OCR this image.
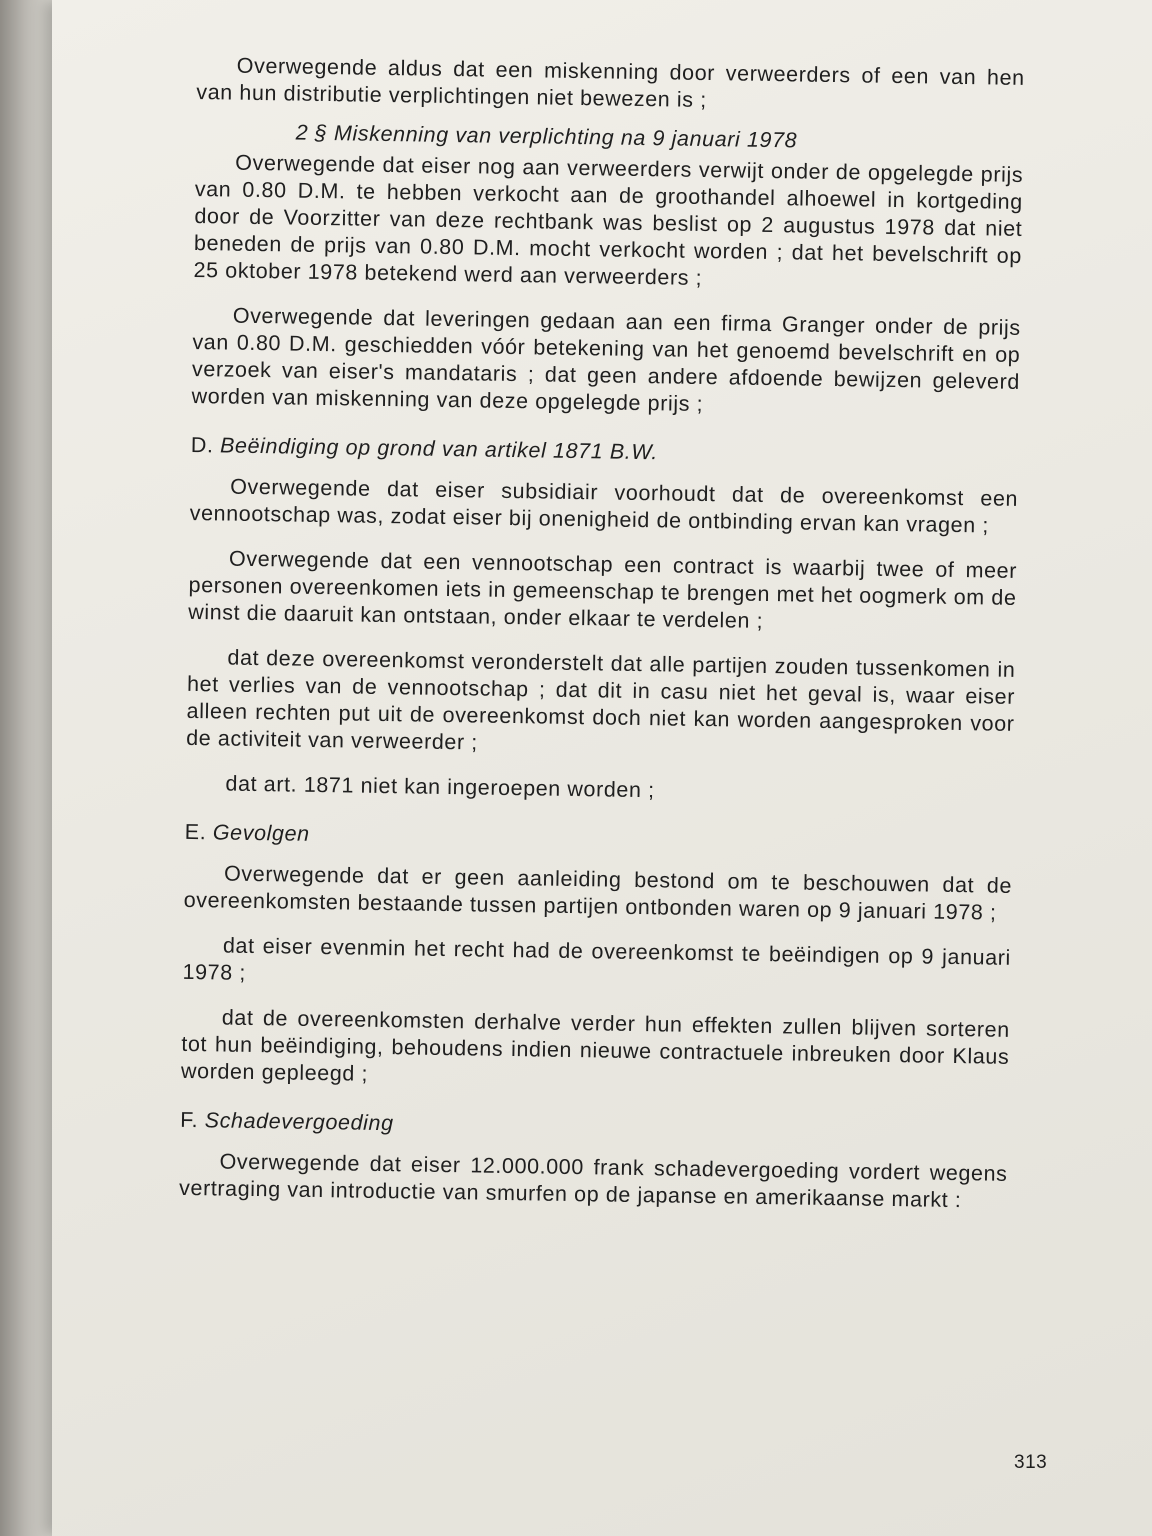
Overwegende aldus dat een miskenning door verweerders of een van hen van hun distributie verplichtingen niet bewezen is ;

2 § Miskenning van verplichting na 9 januari 1978

Overwegende dat eiser nog aan verweerders verwijt onder de opgelegde prijs van 0.80 D.M. te hebben verkocht aan de groothandel alhoewel in kortgeding door de Voorzitter van deze rechtbank was beslist op 2 augustus 1978 dat niet beneden de prijs van 0.80 D.M. mocht verkocht worden ; dat het bevelschrift op 25 oktober 1978 betekend werd aan verweerders ;

Overwegende dat leveringen gedaan aan een firma Granger onder de prijs van 0.80 D.M. geschiedden vóór betekening van het genoemd bevelschrift en op verzoek van eiser's mandataris ; dat geen andere afdoende bewijzen geleverd worden van miskenning van deze opgelegde prijs ;

D. Beëindiging op grond van artikel 1871 B.W.

Overwegende dat eiser subsidiair voorhoudt dat de overeenkomst een vennootschap was, zodat eiser bij onenigheid de ontbinding ervan kan vragen ;

Overwegende dat een vennootschap een contract is waarbij twee of meer personen overeenkomen iets in gemeenschap te brengen met het oogmerk om de winst die daaruit kan ontstaan, onder elkaar te verdelen ;

dat deze overeenkomst veronderstelt dat alle partijen zouden tussenkomen in het verlies van de vennootschap ; dat dit in casu niet het geval is, waar eiser alleen rechten put uit de overeenkomst doch niet kan worden aangesproken voor de activiteit van verweerder ;

dat art. 1871 niet kan ingeroepen worden ;

E. Gevolgen

Overwegende dat er geen aanleiding bestond om te beschouwen dat de overeenkomsten bestaande tussen partijen ontbonden waren op 9 januari 1978 ;

dat eiser evenmin het recht had de overeenkomst te beëindigen op 9 januari 1978 ;

dat de overeenkomsten derhalve verder hun effekten zullen blijven sorteren tot hun beëindiging, behoudens indien nieuwe contractuele inbreuken door Klaus worden gepleegd ;

F. Schadevergoeding

Overwegende dat eiser 12.000.000 frank schadevergoeding vordert wegens vertraging van introductie van smurfen op de japanse en amerikaanse markt :

313
